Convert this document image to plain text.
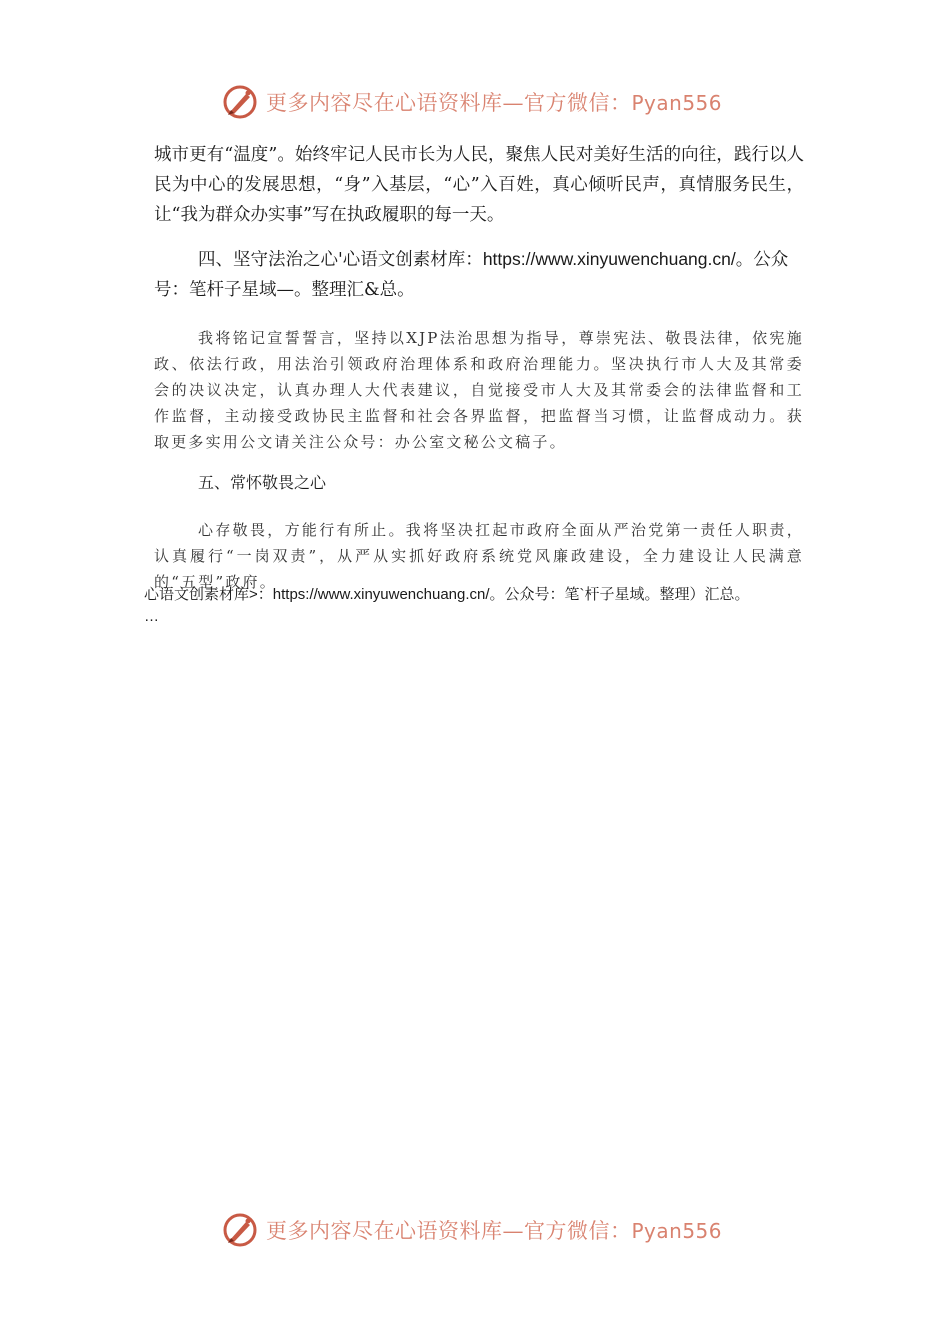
更多内容尽在心语资料库—官方微信：Pyan556

城市更有“温度”。始终牢记人民市长为人民，聚焦人民对美好生活的向往，践行以人民为中心的发展思想，“身”入基层，“心”入百姓，真心倾听民声，真情服务民生，让“我为群众办实事”写在执政履职的每一天。

四、坚守法治之心'心语文创素材库：https://www.xinyuwenchuang.cn/。公众号：笔杆子星域—。整理汇&总。

我将铭记宣誓誓言，坚持以XJP法治思想为指导，尊崇宪法、敬畏法律，依宪施政、依法行政，用法治引领政府治理体系和政府治理能力。坚决执行市人大及其常委会的决议决定，认真办理人大代表建议，自觉接受市人大及其常委会的法律监督和工作监督，主动接受政协民主监督和社会各界监督，把监督当习惯，让监督成动力。获取更多实用公文请关注公众号：办公室文秘公文稿子。

五、常怀敬畏之心

心存敬畏，方能行有所止。我将坚决扛起市政府全面从严治党第一责任人职责，认真履行“一岗双责”，从严从实抓好政府系统党风廉政建设，全力建设让人民满意的“五型”政府。

心语文创素材库>：https://www.xinyuwenchuang.cn/。公众号：笔`杆子星域。整理）汇总。
…
更多内容尽在心语资料库—官方微信：Pyan556
